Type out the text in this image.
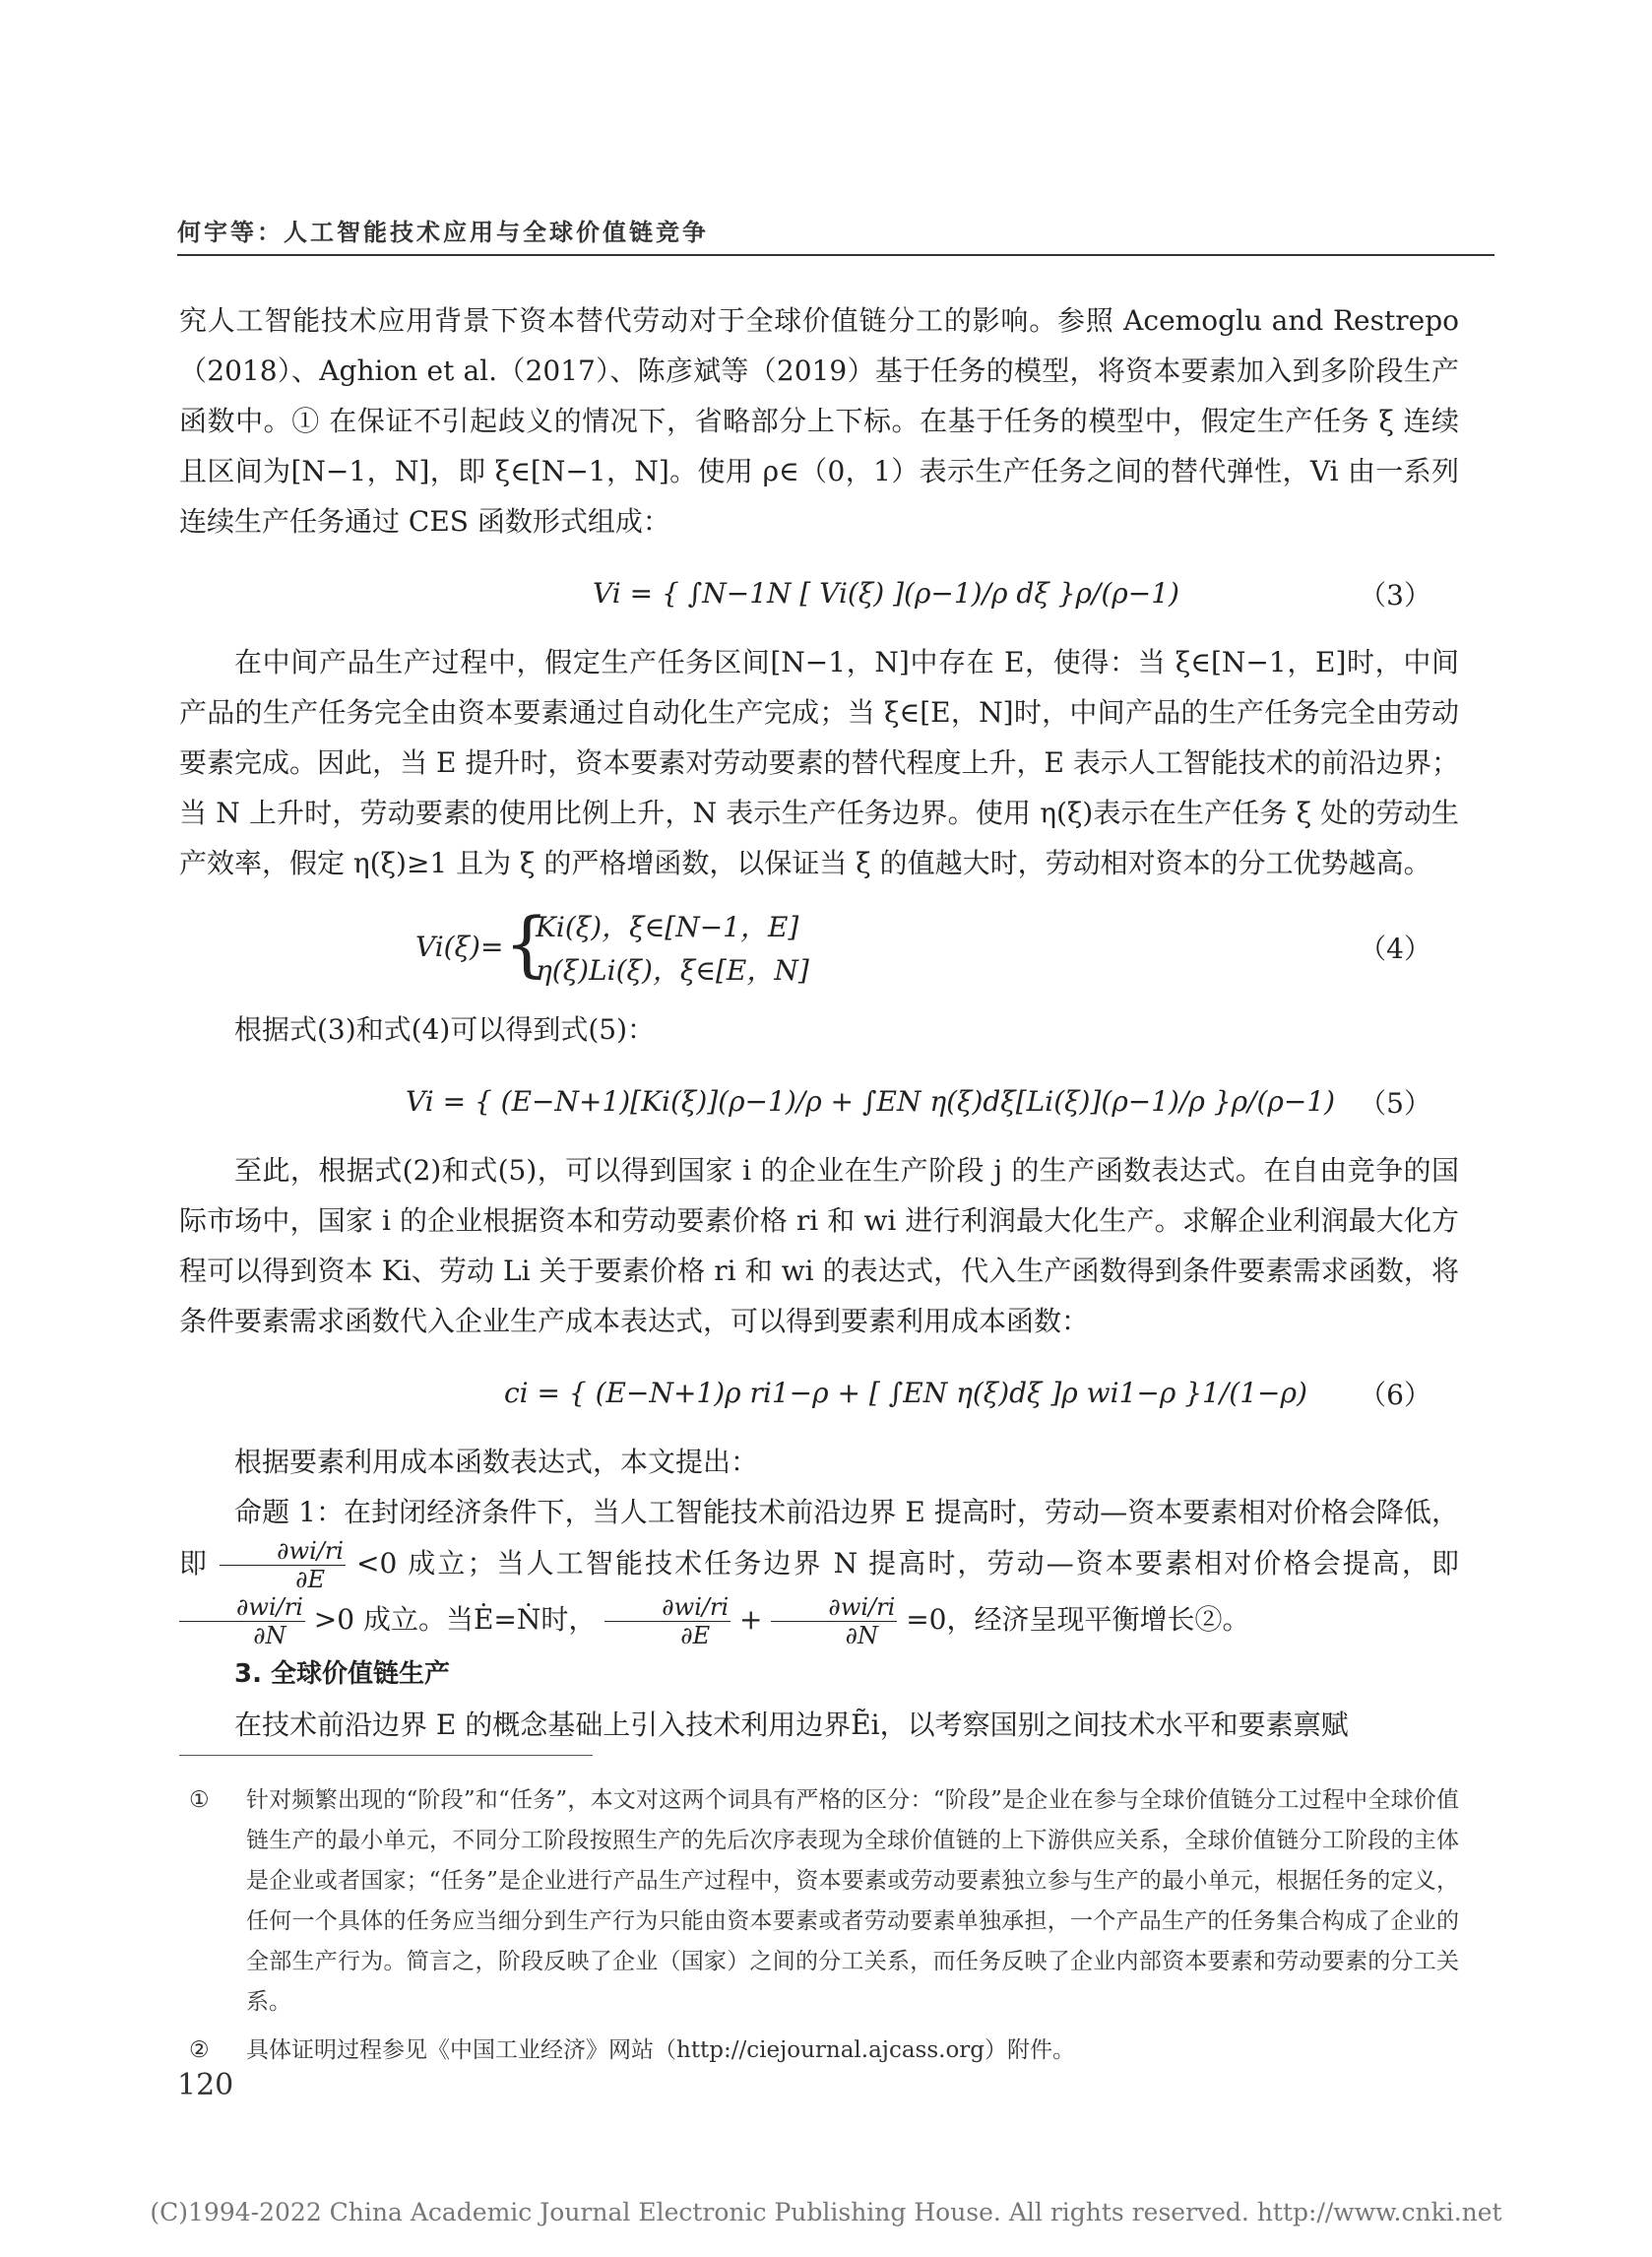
何宇等：人工智能技术应用与全球价值链竞争

究人工智能技术应用背景下资本替代劳动对于全球价值链分工的影响。参照 Acemoglu and Restrepo（2018）、Aghion et al.（2017）、陈彦斌等（2019）基于任务的模型，将资本要素加入到多阶段生产函数中。① 在保证不引起歧义的情况下，省略部分上下标。在基于任务的模型中，假定生产任务 ξ 连续且区间为[N−1，N]，即 ξ∈[N−1，N]。使用 ρ∈（0，1）表示生产任务之间的替代弹性，Vi 由一系列连续生产任务通过 CES 函数形式组成：

Vi = { ∫N−1N [ Vi(ξ) ](ρ−1)/ρ dξ }ρ/(ρ−1)	（3）

在中间产品生产过程中，假定生产任务区间[N−1，N]中存在 E，使得：当 ξ∈[N−1，E]时，中间产品的生产任务完全由资本要素通过自动化生产完成；当 ξ∈[E，N]时，中间产品的生产任务完全由劳动要素完成。因此，当 E 提升时，资本要素对劳动要素的替代程度上升，E 表示人工智能技术的前沿边界；当 N 上升时，劳动要素的使用比例上升，N 表示生产任务边界。使用 η(ξ)表示在生产任务 ξ 处的劳动生产效率，假定 η(ξ)≥1 且为 ξ 的严格增函数，以保证当 ξ 的值越大时，劳动相对资本的分工优势越高。

Vi(ξ)= {
Ki(ξ)，ξ∈[N−1，E]
η(ξ)Li(ξ)，ξ∈[E，N]
（4）

根据式(3)和式(4)可以得到式(5)：

Vi = { (E−N+1)[Ki(ξ)](ρ−1)/ρ + ∫EN η(ξ)dξ[Li(ξ)](ρ−1)/ρ }ρ/(ρ−1) （5）

至此，根据式(2)和式(5)，可以得到国家 i 的企业在生产阶段 j 的生产函数表达式。在自由竞争的国际市场中，国家 i 的企业根据资本和劳动要素价格 ri 和 wi 进行利润最大化生产。求解企业利润最大化方程可以得到资本 Ki、劳动 Li 关于要素价格 ri 和 wi 的表达式，代入生产函数得到条件要素需求函数，将条件要素需求函数代入企业生产成本表达式，可以得到要素利用成本函数：

ci = { (E−N+1)ρ ri1−ρ + [ ∫EN η(ξ)dξ ]ρ wi1−ρ }1/(1−ρ) （6）

根据要素利用成本函数表达式，本文提出：

命题 1：在封闭经济条件下，当人工智能技术前沿边界 E 提高时，劳动—资本要素相对价格会降低，即 $\frac{\partial wi/ri}{\partial E} <0$ 成立；当人工智能技术任务边界 N 提高时，劳动—资本要素相对价格会提高，即
$\frac{\partial wi/ri}{\partial N} >0$ 成立。当Ė=Ṅ时， $\frac{\partial wi/ri}{\partial E} + \frac{\partial wi/ri}{\partial N} =0$，经济呈现平衡增长②。

3. 全球价值链生产

在技术前沿边界 E 的概念基础上引入技术利用边界Ẽi，以考察国别之间技术水平和要素禀赋

①	针对频繁出现的“阶段”和“任务”，本文对这两个词具有严格的区分：“阶段”是企业在参与全球价值链分工过程中全球价值链生产的最小单元，不同分工阶段按照生产的先后次序表现为全球价值链的上下游供应关系，全球价值链分工阶段的主体是企业或者国家；“任务”是企业进行产品生产过程中，资本要素或劳动要素独立参与生产的最小单元，根据任务的定义，任何一个具体的任务应当细分到生产行为只能由资本要素或者劳动要素单独承担，一个产品生产的任务集合构成了企业的全部生产行为。简言之，阶段反映了企业（国家）之间的分工关系，而任务反映了企业内部资本要素和劳动要素的分工关系。
②	具体证明过程参见《中国工业经济》网站（http://ciejournal.ajcass.org）附件。
120
(C)1994-2022 China Academic Journal Electronic Publishing House. All rights reserved. http://www.cnki.net
